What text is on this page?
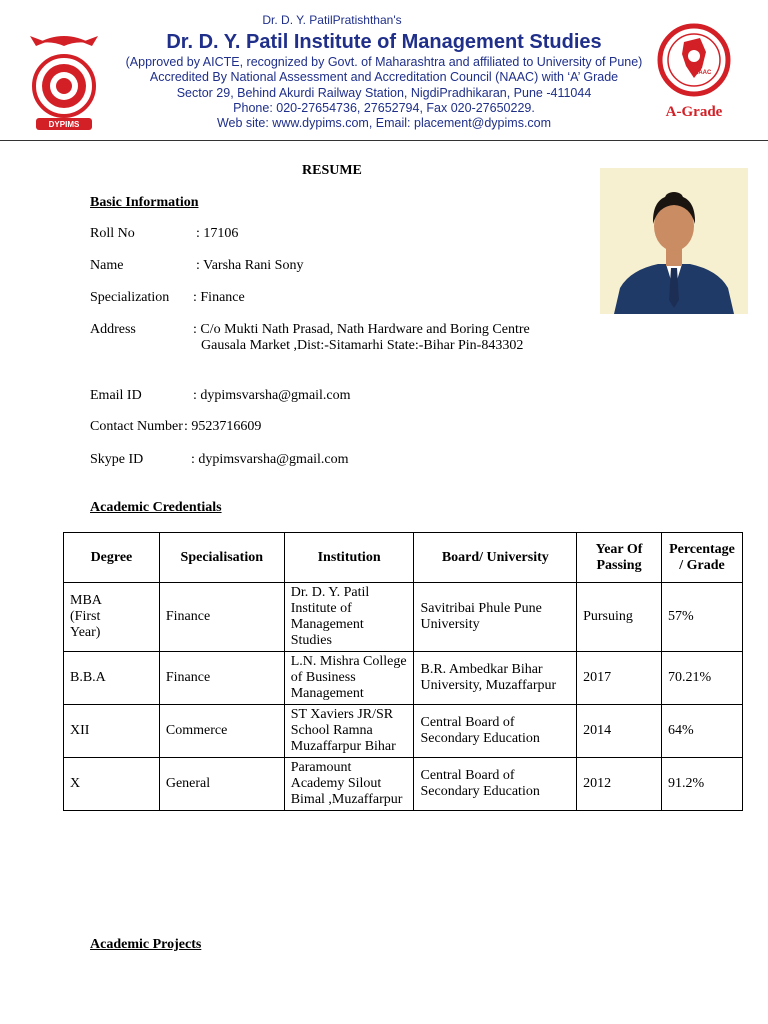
DYPIMS
Dr. D. Y. PatilPratishthan's
Dr. D. Y. Patil Institute of Management Studies
(Approved by AICTE, recognized by Govt. of Maharashtra and affiliated to University of Pune)
Accredited By National Assessment and Accreditation Council (NAAC) with ‘A’ Grade
Sector 29, Behind Akurdi Railway Station, NigdiPradhikaran, Pune -411044
Phone: 020-27654736, 27652794, Fax 020-27650229.
Web site: www.dypims.com, Email: placement@dypims.com
NAAC
A-Grade
RESUME
Basic Information
Roll No	: 17106
Name	: Varsha Rani Sony
Specialization : Finance
Address	: C/o Mukti Nath Prasad, Nath Hardware and Boring Centre
Gausala Market ,Dist:-Sitamarhi State:-Bihar Pin-843302
Email ID	: dypimsvarsha@gmail.com
Contact Number : 9523716609
Skype ID	: dypimsvarsha@gmail.com
Academic Credentials
Degree	Specialisation	Institution	Board/ University	Year Of Passing	Percentage / Grade
MBA (First Year)	Finance	Dr. D. Y. Patil Institute of Management Studies	Savitribai Phule Pune University	Pursuing	57%
B.B.A	Finance	L.N. Mishra College of Business Management	B.R. Ambedkar Bihar University, Muzaffarpur	2017	70.21%
XII	Commerce	ST Xaviers JR/SR School Ramna Muzaffarpur Bihar	Central Board of Secondary Education	2014	64%
X	General	Paramount Academy Silout Bimal ,Muzaffarpur	Central Board of Secondary Education	2012	91.2%
Academic Projects
